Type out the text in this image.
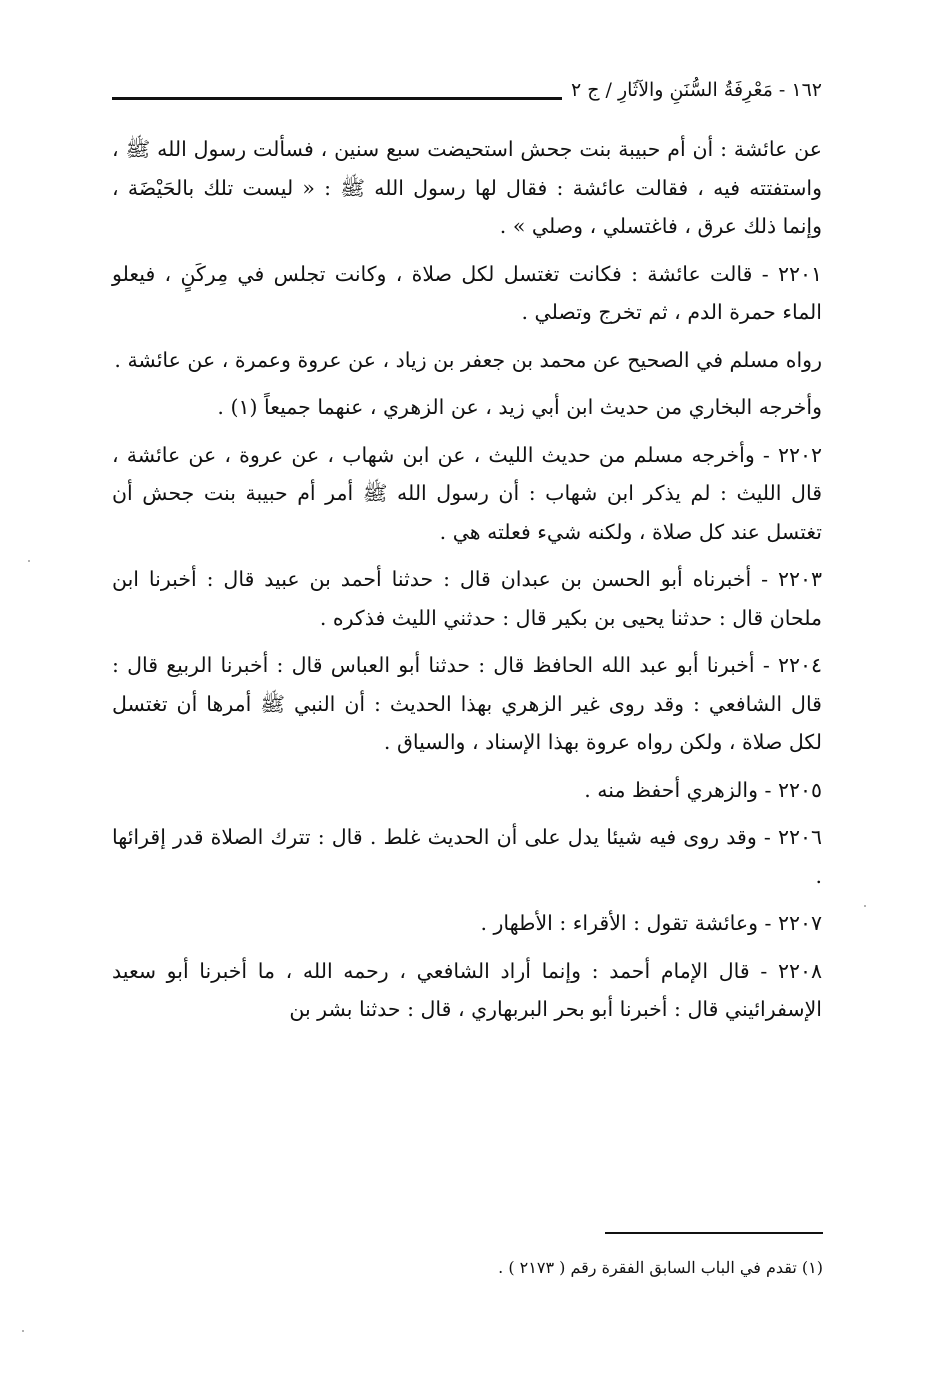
١٦٢ - مَعْرِفَةُ السُّنَنِ والآثَارِ / ج ٢

عن عائشة : أن أم حبيبة بنت جحش استحيضت سبع سنين ، فسألت رسول الله ﷺ ، واستفتته فيه ، فقالت عائشة : فقال لها رسول الله ﷺ : « ليست تلك بالحَيْضَة ، وإنما ذلك عرق ، فاغتسلي ، وصلي » .

٢٢٠١ - قالت عائشة : فكانت تغتسل لكل صلاة ، وكانت تجلس في مِركَنٍ ، فيعلو الماء حمرة الدم ، ثم تخرج وتصلي .

رواه مسلم في الصحيح عن محمد بن جعفر بن زياد ، عن عروة وعمرة ، عن عائشة .

وأخرجه البخاري من حديث ابن أبي زيد ، عن الزهري ، عنهما جميعاً (١) .

٢٢٠٢ - وأخرجه مسلم من حديث الليث ، عن ابن شهاب ، عن عروة ، عن عائشة ، قال الليث : لم يذكر ابن شهاب : أن رسول الله ﷺ أمر أم حبيبة بنت جحش أن تغتسل عند كل صلاة ، ولكنه شيء فعلته هي .

٢٢٠٣ - أخبرناه أبو الحسن بن عبدان قال : حدثنا أحمد بن عبيد قال : أخبرنا ابن ملحان قال : حدثنا يحيى بن بكير قال : حدثني الليث فذكره .

٢٢٠٤ - أخبرنا أبو عبد الله الحافظ قال : حدثنا أبو العباس قال : أخبرنا الربيع قال : قال الشافعي : وقد روى غير الزهري بهذا الحديث : أن النبي ﷺ أمرها أن تغتسل لكل صلاة ، ولكن رواه عروة بهذا الإسناد ، والسياق .

٢٢٠٥ - والزهري أحفظ منه .

٢٢٠٦ - وقد روى فيه شيئا يدل على أن الحديث غلط . قال : تترك الصلاة قدر إقرائها .

٢٢٠٧ - وعائشة تقول : الأقراء : الأطهار .

٢٢٠٨ - قال الإمام أحمد : وإنما أراد الشافعي ، رحمه الله ، ما أخبرنا أبو سعيد الإسفرائيني قال : أخبرنا أبو بحر البربهاري ، قال : حدثنا بشر بن

(١) تقدم في الباب السابق الفقرة رقم ( ٢١٧٣ ) .
